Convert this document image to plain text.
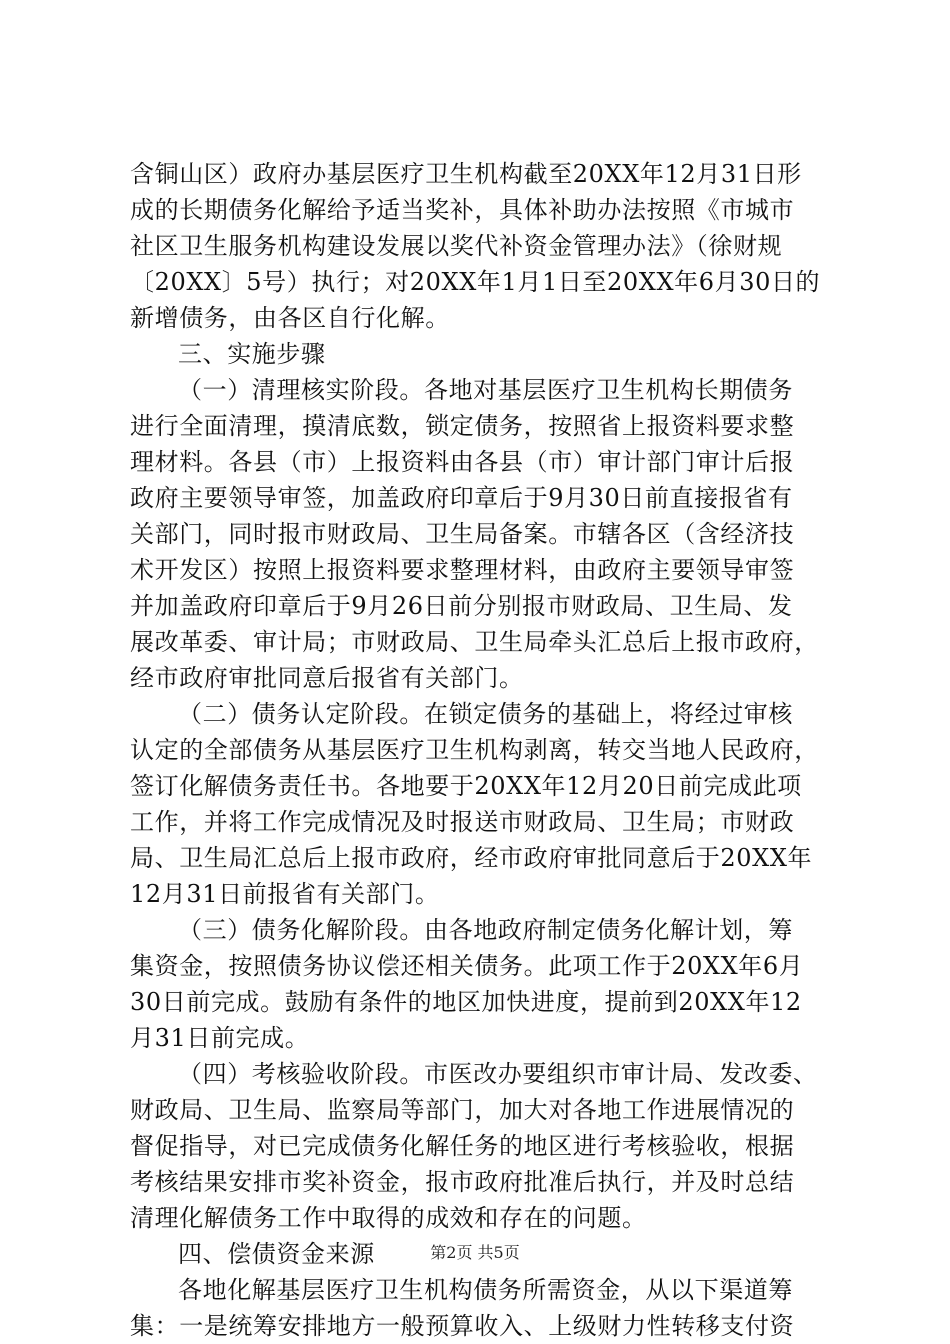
含铜山区）政府办基层医疗卫生机构截至20XX年12月31日形
成的长期债务化解给予适当奖补，具体补助办法按照《市城市
社区卫生服务机构建设发展以奖代补资金管理办法》（徐财规
〔20XX〕5号）执行；对20XX年1月1日至20XX年6月30日的
新增债务，由各区自行化解。
三、实施步骤
（一）清理核实阶段。各地对基层医疗卫生机构长期债务
进行全面清理，摸清底数，锁定债务，按照省上报资料要求整
理材料。各县（市）上报资料由各县（市）审计部门审计后报
政府主要领导审签，加盖政府印章后于9月30日前直接报省有
关部门，同时报市财政局、卫生局备案。市辖各区（含经济技
术开发区）按照上报资料要求整理材料，由政府主要领导审签
并加盖政府印章后于9月26日前分别报市财政局、卫生局、发
展改革委、审计局；市财政局、卫生局牵头汇总后上报市政府，
经市政府审批同意后报省有关部门。
（二）债务认定阶段。在锁定债务的基础上，将经过审核
认定的全部债务从基层医疗卫生机构剥离，转交当地人民政府，
签订化解债务责任书。各地要于20XX年12月20日前完成此项
工作，并将工作完成情况及时报送市财政局、卫生局；市财政
局、卫生局汇总后上报市政府，经市政府审批同意后于20XX年
12月31日前报省有关部门。
（三）债务化解阶段。由各地政府制定债务化解计划，筹
集资金，按照债务协议偿还相关债务。此项工作于20XX年6月
30日前完成。鼓励有条件的地区加快进度，提前到20XX年12
月31日前完成。
（四）考核验收阶段。市医改办要组织市审计局、发改委、
财政局、卫生局、监察局等部门，加大对各地工作进展情况的
督促指导，对已完成债务化解任务的地区进行考核验收，根据
考核结果安排市奖补资金，报市政府批准后执行，并及时总结
清理化解债务工作中取得的成效和存在的问题。
四、偿债资金来源
各地化解基层医疗卫生机构债务所需资金，从以下渠道筹
集：一是统筹安排地方一般预算收入、上级财力性转移支付资
第2页 共5页
